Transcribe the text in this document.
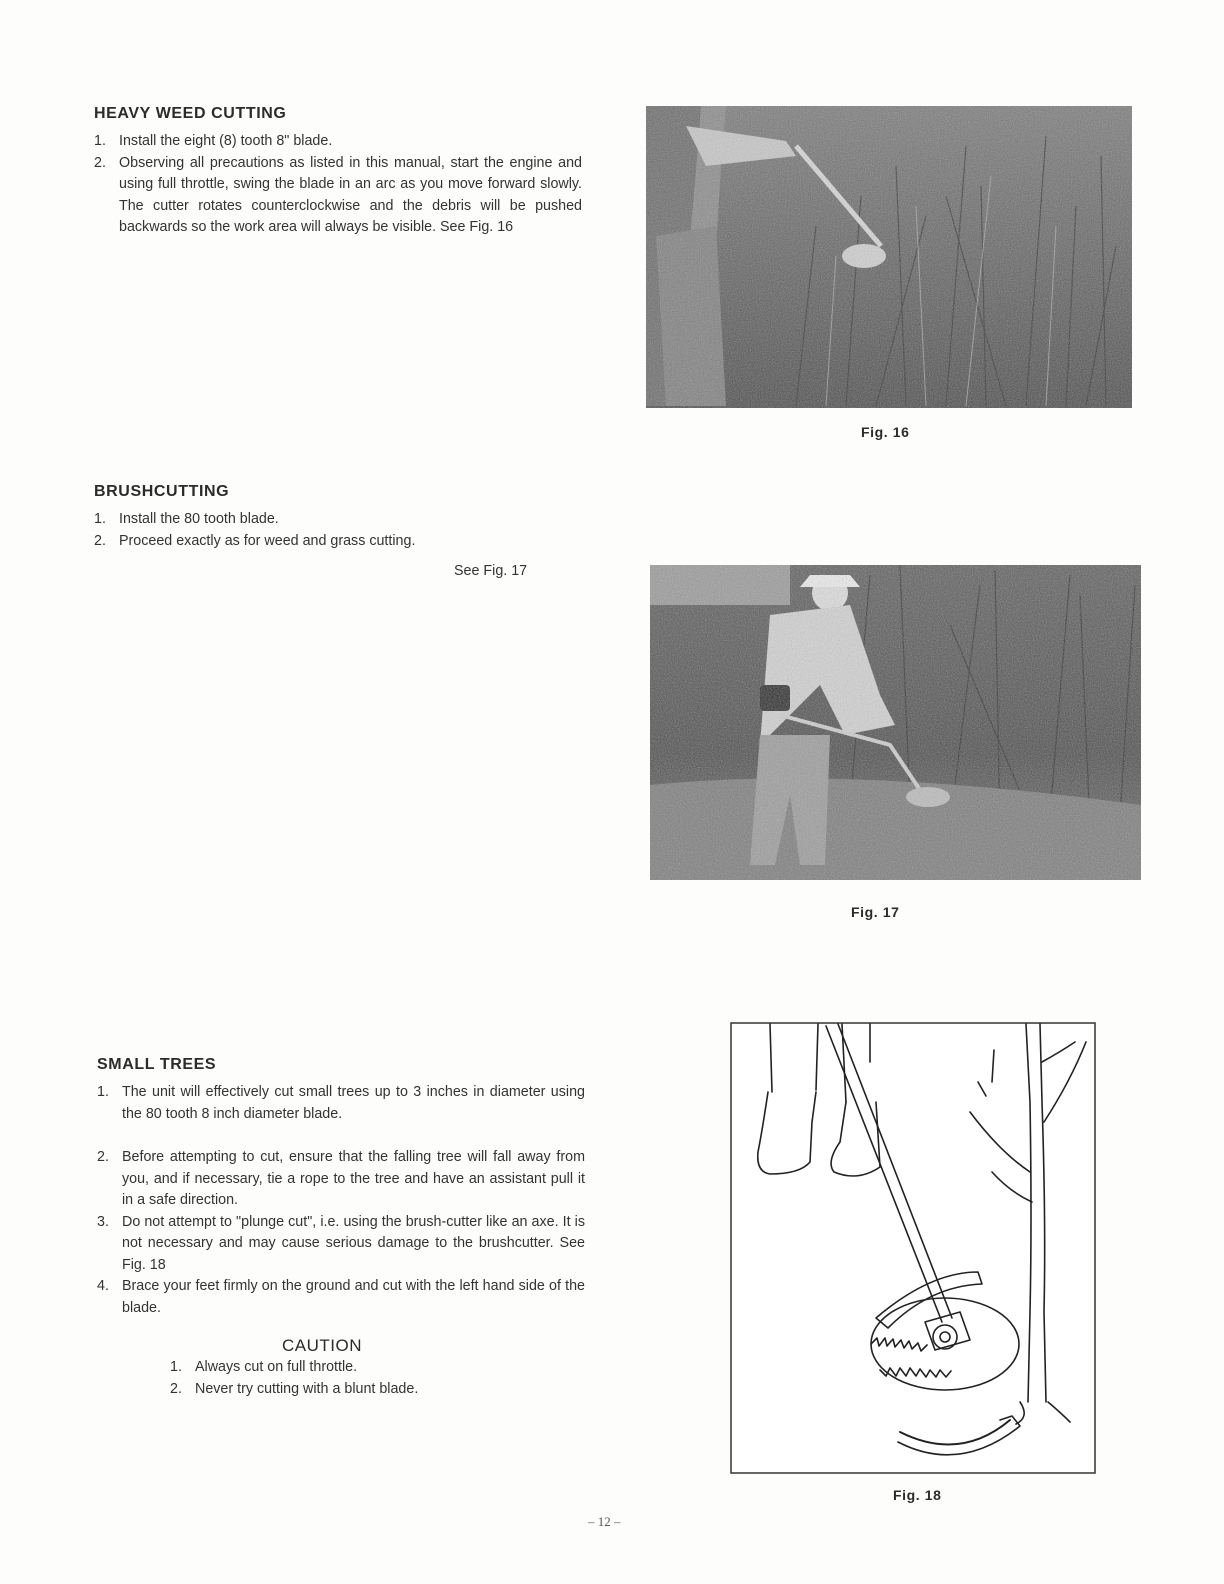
HEAVY WEED CUTTING
1. Install the eight (8) tooth 8" blade.
2. Observing all precautions as listed in this manual, start the engine and using full throttle, swing the blade in an arc as you move forward slowly. The cutter rotates counterclockwise and the debris will be pushed backwards so the work area will always be visible. See Fig. 16
Fig. 16
BRUSHCUTTING
1. Install the 80 tooth blade.
2. Proceed exactly as for weed and grass cutting.
See Fig. 17
Fig. 17
SMALL TREES
1. The unit will effectively cut small trees up to 3 inches in diameter using the 80 tooth 8 inch diameter blade.
2. Before attempting to cut, ensure that the falling tree will fall away from you, and if necessary, tie a rope to the tree and have an assistant pull it in a safe direction.
3. Do not attempt to "plunge cut", i.e. using the brush-cutter like an axe. It is not necessary and may cause serious damage to the brushcutter. See Fig. 18
4. Brace your feet firmly on the ground and cut with the left hand side of the blade.
CAUTION
1. Always cut on full throttle.
2. Never try cutting with a blunt blade.
Fig. 18
– 12 –
